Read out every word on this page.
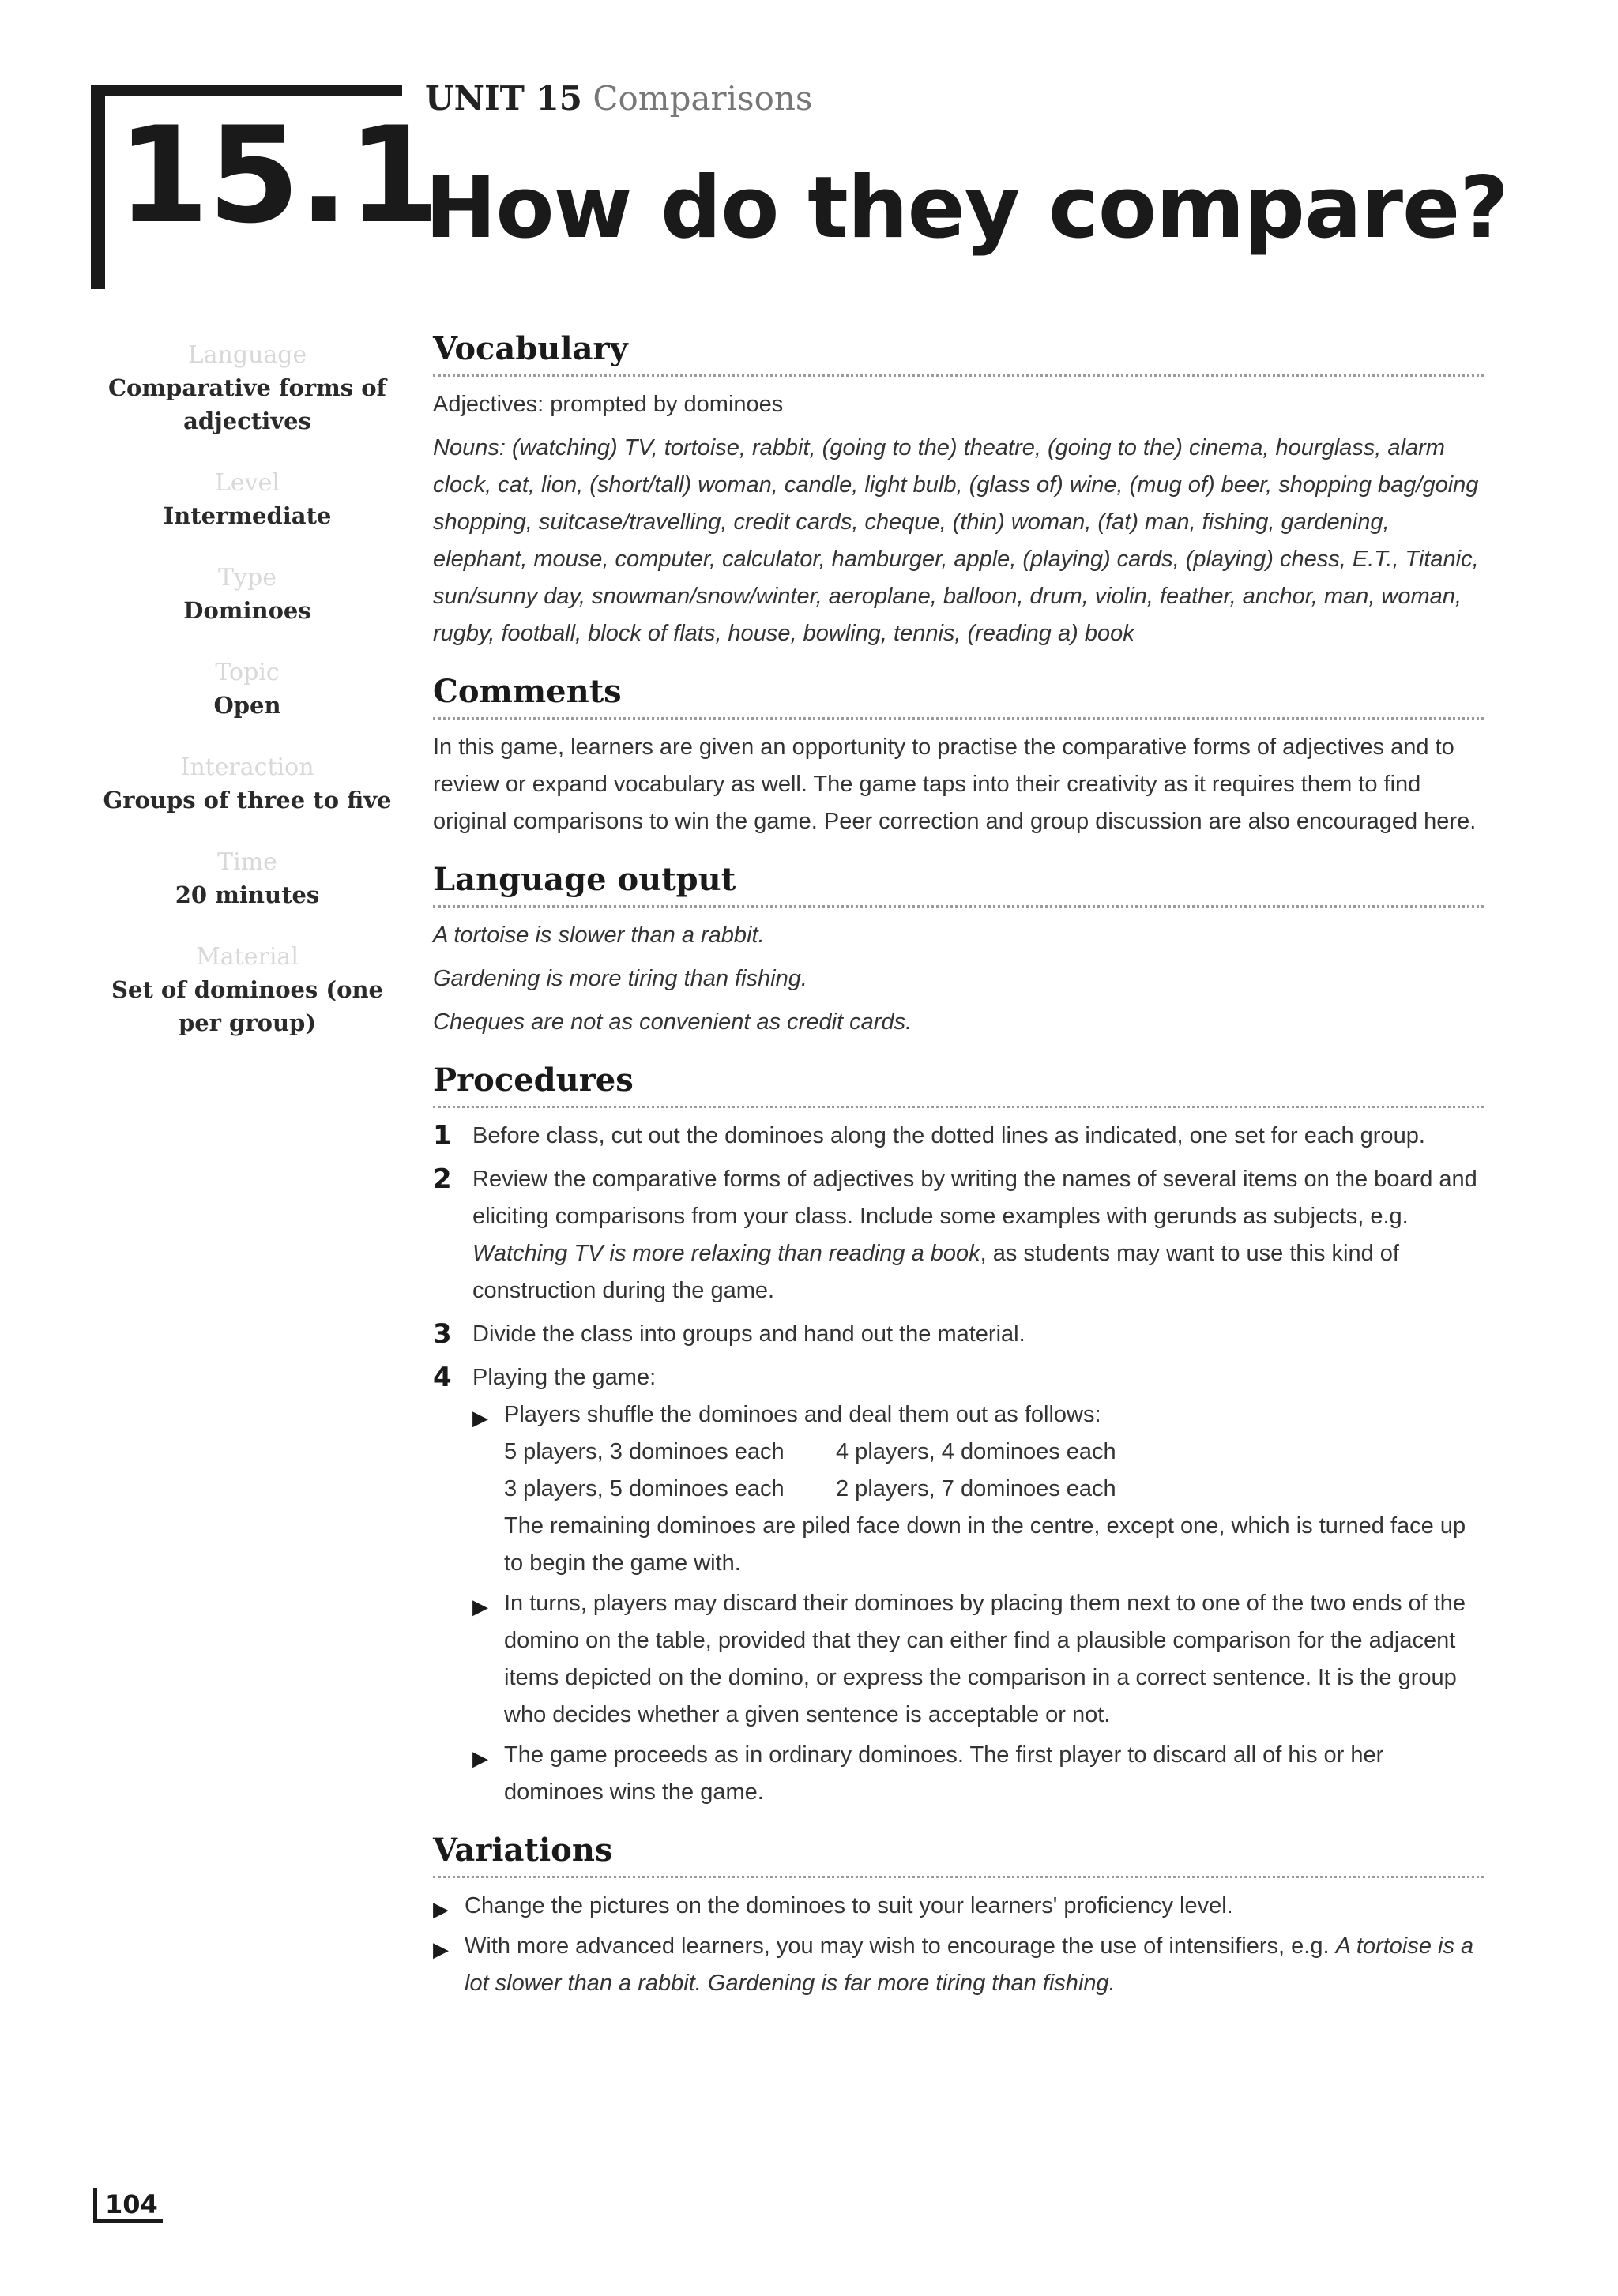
15.1
UNIT 15 Comparisons
How do they compare?
Language
Comparative forms of adjectives
Level
Intermediate
Type
Dominoes
Topic
Open
Interaction
Groups of three to five
Time
20 minutes
Material
Set of dominoes (one per group)
Vocabulary

Adjectives: prompted by dominoes

Nouns: (watching) TV, tortoise, rabbit, (going to the) theatre, (going to the) cinema, hourglass, alarm clock, cat, lion, (short/tall) woman, candle, light bulb, (glass of) wine, (mug of) beer, shopping bag/going shopping, suitcase/travelling, credit cards, cheque, (thin) woman, (fat) man, fishing, gardening, elephant, mouse, computer, calculator, hamburger, apple, (playing) cards, (playing) chess, E.T., Titanic, sun/sunny day, snowman/snow/winter, aeroplane, balloon, drum, violin, feather, anchor, man, woman, rugby, football, block of flats, house, bowling, tennis, (reading a) book

Comments

In this game, learners are given an opportunity to practise the comparative forms of adjectives and to review or expand vocabulary as well. The game taps into their creativity as it requires them to find original comparisons to win the game. Peer correction and group discussion are also encouraged here.

Language output

A tortoise is slower than a rabbit.

Gardening is more tiring than fishing.

Cheques are not as convenient as credit cards.

Procedures
1 Before class, cut out the dominoes along the dotted lines as indicated, one set for each group.
2 Review the comparative forms of adjectives by writing the names of several items on the board and eliciting comparisons from your class. Include some examples with gerunds as subjects, e.g. Watching TV is more relaxing than reading a book, as students may want to use this kind of construction during the game.
3 Divide the class into groups and hand out the material.
4 Playing the game:
▶ Players shuffle the dominoes and deal them out as follows:
5 players, 3 dominoes each	4 players, 4 dominoes each
3 players, 5 dominoes each	2 players, 7 dominoes each
The remaining dominoes are piled face down in the centre, except one, which is turned face up to begin the game with.
▶ In turns, players may discard their dominoes by placing them next to one of the two ends of the domino on the table, provided that they can either find a plausible comparison for the adjacent items depicted on the domino, or express the comparison in a correct sentence. It is the group who decides whether a given sentence is acceptable or not.
▶ The game proceeds as in ordinary dominoes. The first player to discard all of his or her dominoes wins the game.
Variations
▶ Change the pictures on the dominoes to suit your learners' proficiency level.
▶ With more advanced learners, you may wish to encourage the use of intensifiers, e.g. A tortoise is a lot slower than a rabbit. Gardening is far more tiring than fishing.
104
